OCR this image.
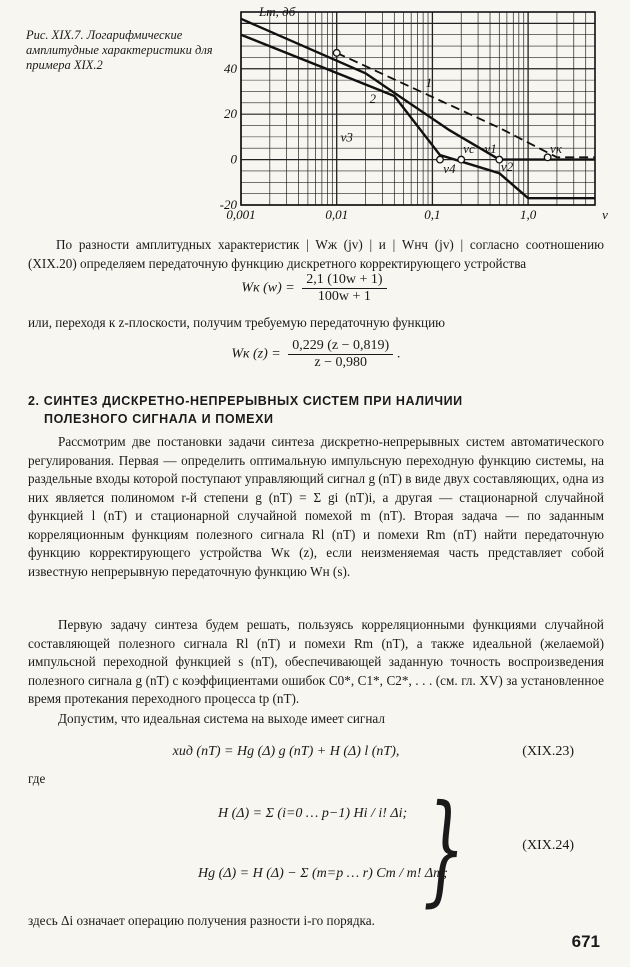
Рис. XIX.7. Логарифмические амплитудные характеристики для примера XIX.2
-20
0
20
40
0,001	0,01	0,1	1,0
Lm, дб
v
v3
v4
vc v1
v2
vк
1
2
По разности амплитудных характеристик | Wж (jv) | и | Wнч (jv) | согласно соотношению (XIX.20) определяем передаточную функцию дискретного корректирующего устройства
Wк $(w) = \frac{2,1 (10w + 1)}{100w + 1}$
или, переходя к z-плоскости, получим требуемую передаточную функцию
Wк $(z) = \frac{0,229 (z - 0,819)}{z - 0,980}$ .
2. СИНТЕЗ ДИСКРЕТНО-НЕПРЕРЫВНЫХ СИСТЕМ ПРИ НАЛИЧИИ
ПОЛЕЗНОГО СИГНАЛА И ПОМЕХИ
Рассмотрим две постановки задачи синтеза дискретно-непрерывных систем автоматического регулирования. Первая — определить оптимальную импульсную переходную функцию системы, на раздельные входы которой поступают управляющий сигнал g (nT) в виде двух составляющих, одна из них является полиномом r-й степени g (nT) = Σ gi (nT)i, а другая — стационарной случайной функцией l (nT) и стационарной случайной помехой m (nT). Вторая задача — по заданным корреляционным функциям полезного сигнала Rl (nT) и помехи Rm (nT) найти передаточную функцию корректирующего устройства Wк (z), если неизменяемая часть представляет собой известную непрерывную передаточную функцию Wн (s).
Первую задачу синтеза будем решать, пользуясь корреляционными функциями случайной составляющей полезного сигнала Rl (nT) и помехи Rm (nT), а также идеальной (желаемой) импульсной переходной функцией s (nT), обеспечивающей заданную точность воспроизведения полезного сигнала g (nT) с коэффициентами ошибок C0*, C1*, C2*, . . . (см. гл. XV) за установленное время протекания переходного процесса tp (nT).
Допустим, что идеальная система на выходе имеет сигнал
xид (nT) = Hg (Δ) g (nT) + H (Δ) l (nT),	(XIX.23)
где
H (Δ) = Σ (i=0 … p−1) Hi / i! Δi;
Hg (Δ) = H (Δ) − Σ (m=p … r) Cm / m! Δm;
}	(XIX.24)
здесь Δi означает операцию получения разности i-го порядка.
671
